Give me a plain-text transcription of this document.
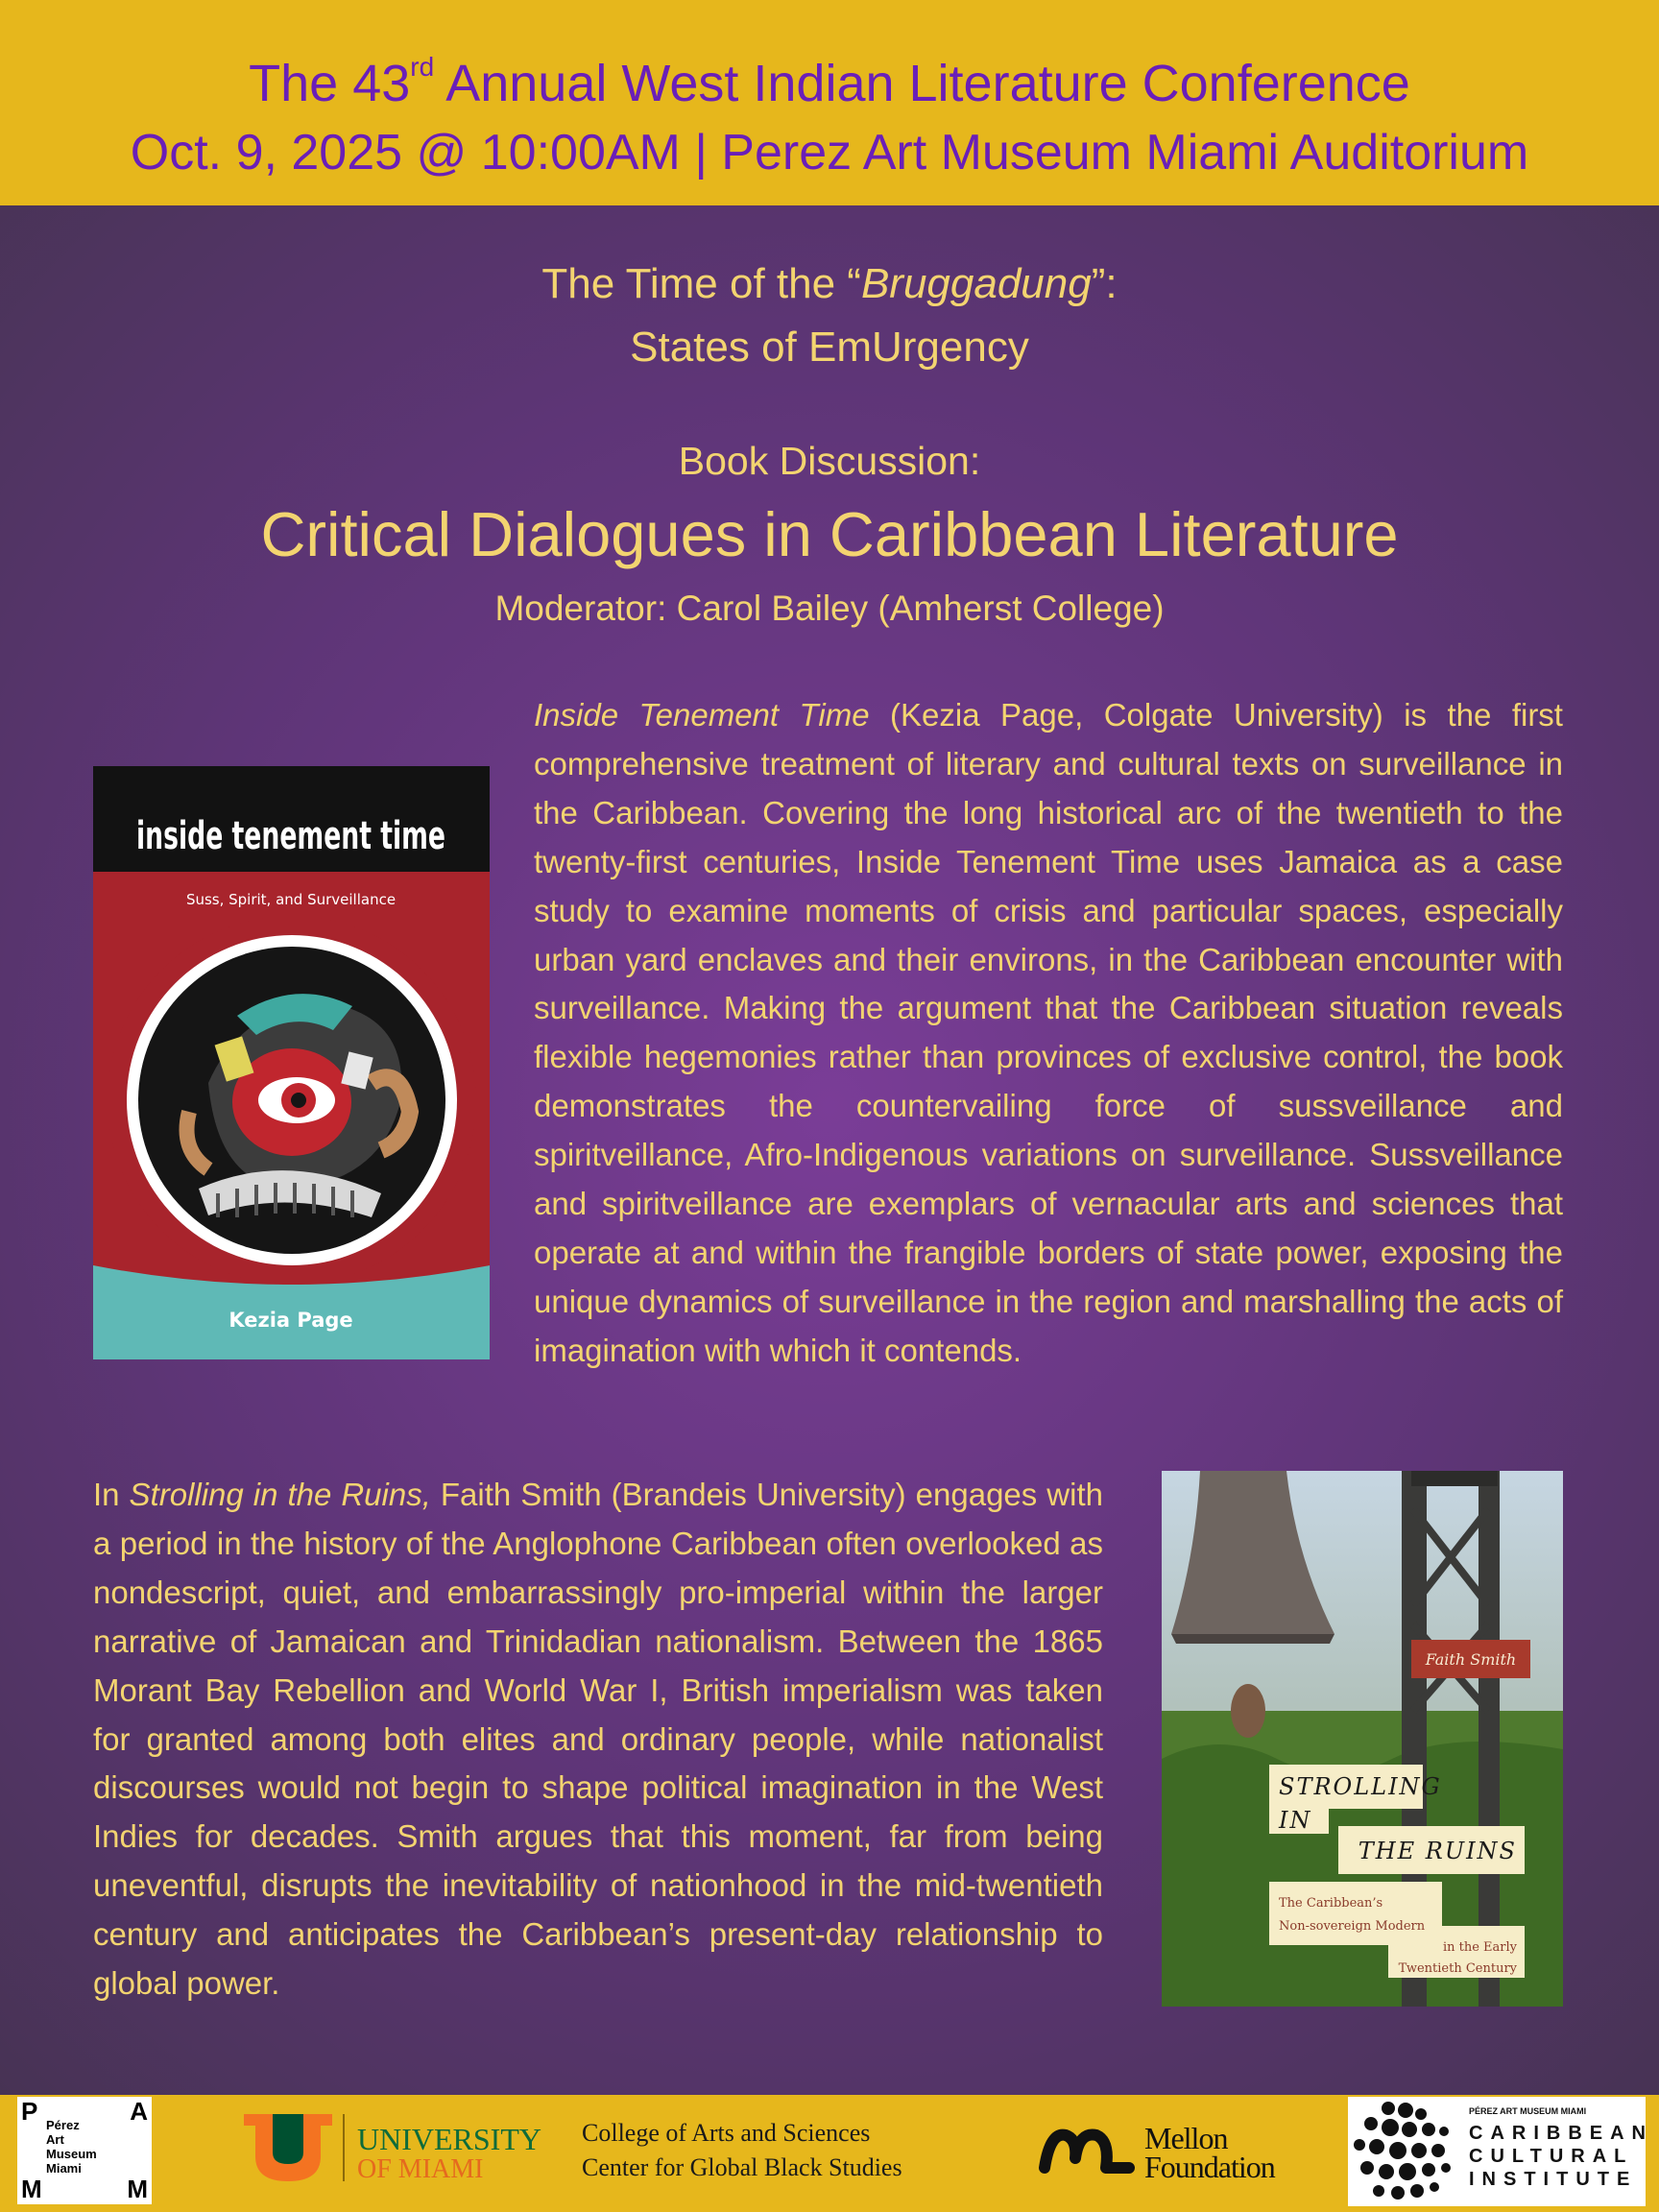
The 43rd Annual West Indian Literature Conference
Oct. 9, 2025 @ 10:00AM | Perez Art Museum Miami Auditorium
The Time of the “Bruggadung”:
States of EmUrgency
Book Discussion:
Critical Dialogues in Caribbean Literature
Moderator: Carol Bailey (Amherst College)
inside tenement time
Suss, Spirit, and Surveillance
Kezia Page
Inside Tenement Time (Kezia Page, Colgate University) is the first comprehensive treatment of literary and cultural texts on surveillance in the Caribbean. Covering the long historical arc of the twentieth to the twenty-first centuries, Inside Tenement Time uses Jamaica as a case study to examine moments of crisis and particular spaces, especially urban yard enclaves and their environs, in the Caribbean encounter with surveillance. Making the argument that the Caribbean situation reveals flexible hegemonies rather than provinces of exclusive control, the book demonstrates the countervailing force of sussveillance and spiritveillance, Afro-Indigenous variations on surveillance. Sussveillance and spiritveillance are exemplars of vernacular arts and sciences that operate at and within the frangible borders of state power, exposing the unique dynamics of surveillance in the region and marshalling the acts of imagination with which it contends.
In Strolling in the Ruins, Faith Smith (Brandeis University) engages with a period in the history of the Anglophone Caribbean often overlooked as nondescript, quiet, and embarrassingly pro-imperial within the larger narrative of Jamaican and Trinidadian nationalism. Between the 1865 Morant Bay Rebellion and World War I, British imperialism was taken for granted among both elites and ordinary people, while nationalist discourses would not begin to shape political imagination in the West Indies for decades. Smith argues that this moment, far from being uneventful, disrupts the inevitability of nationhood in the mid-twentieth century and anticipates the Caribbean’s present-day relationship to global power.
Faith Smith
STROLLING
IN
THE RUINS
The Caribbean’s
Non-sovereign Modern
in the Early
Twentieth Century
P	A
M	M
Pérez
Art
Museum
Miami
UNIVERSITY
OF MIAMI
College of Arts and Sciences
Center for Global Black Studies
Mellon
Foundation
PÉREZ ART MUSEUM MIAMI
CARIBBEAN
CULTURAL
INSTITUTE
